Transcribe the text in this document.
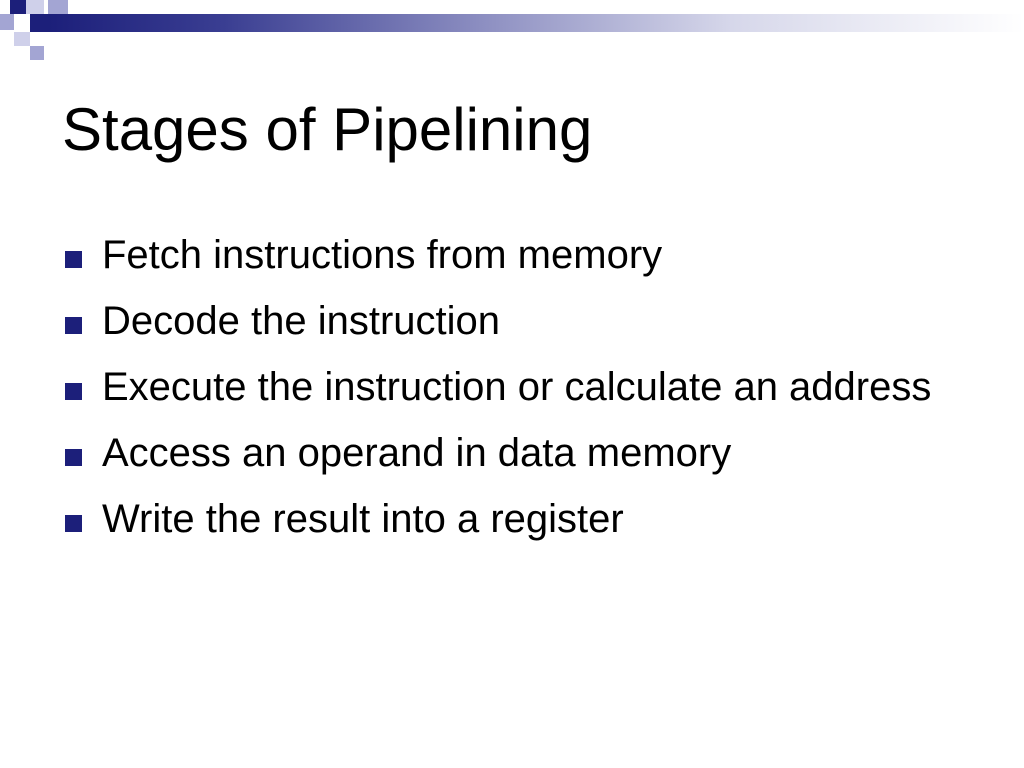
Stages of Pipelining
Fetch instructions from memory
Decode the instruction
Execute the instruction or calculate an address
Access an operand in data memory
Write the result into a register
